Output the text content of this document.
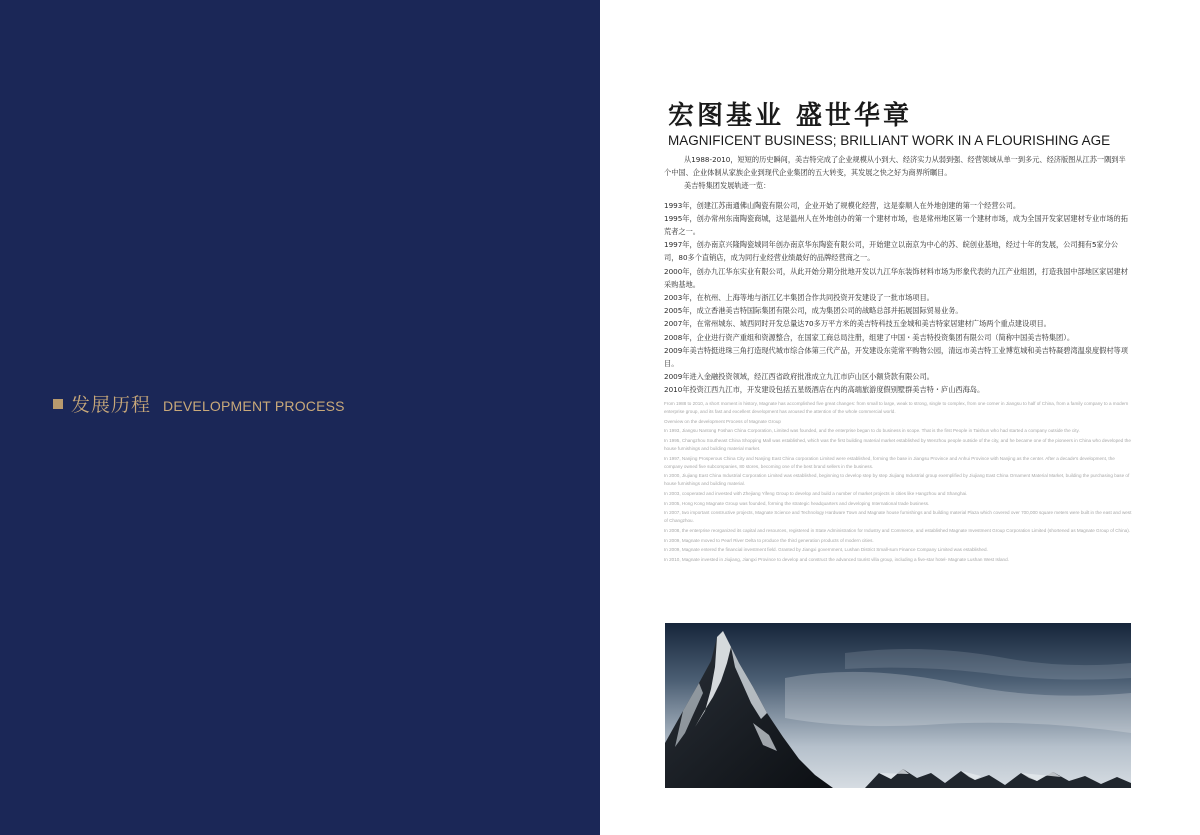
发展历程 DEVELOPMENT PROCESS
宏图基业 盛世华章
MAGNIFICENT BUSINESS; BRILLIANT WORK IN A FLOURISHING AGE

从1988-2010，短短的历史瞬间，美吉特完成了企业规模从小到大、经济实力从弱到强、经营领域从单一到多元、经济版图从江苏一隅到半个中国、企业体制从家族企业到现代企业集团的五大转变，其发展之快之好为商界所瞩目。

美吉特集团发展轨迹一览：

1993年，创建江苏南通佛山陶瓷有限公司，企业开始了规模化经营，这是泰顺人在外地创建的第一个经营公司。

1995年，创办常州东南陶瓷商城，这是温州人在外地创办的第一个建材市场，也是常州地区第一个建材市场，成为全国开发家居建材专业市场的拓荒者之一。

1997年，创办南京兴隆陶瓷城同年创办南京华东陶瓷有限公司，开始建立以南京为中心的苏、皖创业基地，经过十年的发展，公司拥有5家分公司，80多个直销店，成为同行业经营业绩最好的品牌经营商之一。

2000年，创办九江华东实业有限公司，从此开始分期分批地开发以九江华东装饰材料市场为形象代表的九江产业组团，打造我国中部地区家居建材采购基地。

2003年，在杭州、上海等地与浙江亿丰集团合作共同投资开发建设了一批市场项目。

2005年，成立香港美吉特国际集团有限公司，成为集团公司的战略总部并拓展国际贸易业务。

2007年，在常州城东、城西同时开发总量达70多万平方米的美吉特科技五金城和美吉特家居建材广场两个重点建设项目。

2008年，企业进行资产重组和资源整合，在国家工商总局注册，组建了中国・美吉特投资集团有限公司（简称中国美吉特集团）。

2009年美吉特挺进珠三角打造现代城市综合体第三代产品，开发建设东莞常平购物公园，清远市美吉特工业博览城和美吉特凝碧湾温泉度假村等项目。

2009年进入金融投资领域，经江西省政府批准成立九江市庐山区小额贷款有限公司。

2010年投资江西九江市，开发建设包括五星级酒店在内的高端旅游度假别墅群美吉特・庐山西海岛。

From 1988 to 2010, a short moment in history, Magnate has accomplished five great changes: from small to large, weak to strong, single to complex, from one corner in Jiangsu to half of China, from a family company to a modern enterprise group, and its fast and excellent development has aroused the attention of the whole commercial world.

Overview on the development Process of Magnate Group

In 1993, Jiangsu Nantong Foshan China Corporation, Limited was founded, and the enterprise began to do business in scope. That is the first People in Taishun who had started a company outside the city.

In 1995, Changzhou Southeast China Shopping Mall was established, which was the first building material market established by Wenzhou people outside of the city, and he became one of the pioneers in China who developed the house furnishings and building material market.

In 1997, Nanjing Prosperous China City and Nanjing East China corporation Limited were established, forming the base in Jiangsu Province and Anhui Province with Nanjing as the center. After a decade's development, the company owned five subcompanies, 80 stores, becoming one of the best brand sellers in the business.

In 2000, Jiujiang East China Industrial Corporation Limited was established, beginning to develop step by step Jiujiang Industrial group exemplified by Jiujiang East China Ornament Material Market, building the purchasing base of house furnishings and building material.

In 2003, cooperated and invested with Zhejiang Yifeng Group to develop and build a number of market projects in cities like Hangzhou and Shanghai.

In 2005, Hong Kong Magnate Group was founded, forming the strategic headquarters and developing International trade business.

In 2007, two important constructive projects, Magnate Science and Technology Hardware Town and Magnate house furnishings and building material Plaza which covered over 700,000 square meters were built in the east and west of Changzhou.

In 2008, the enterprise reorganized its capital and resources, registered in State Administration for Industry and Commerce, and established Magnate Investment Group Corporation Limited (shortened as Magnate Group of China).

In 2009, Magnate moved to Pearl River Delta to produce the third generation products of modern cities.

In 2009, Magnate entered the financial investment field. Granted by Jiangxi government, Lushan District Small-sum Finance Company Limited was established.

In 2010, Magnate invested in Jiujiang, Jiangxi Province to develop and construct the advanced tourist villa group, including a five-star hotel- Magnate Lushan West Island.
